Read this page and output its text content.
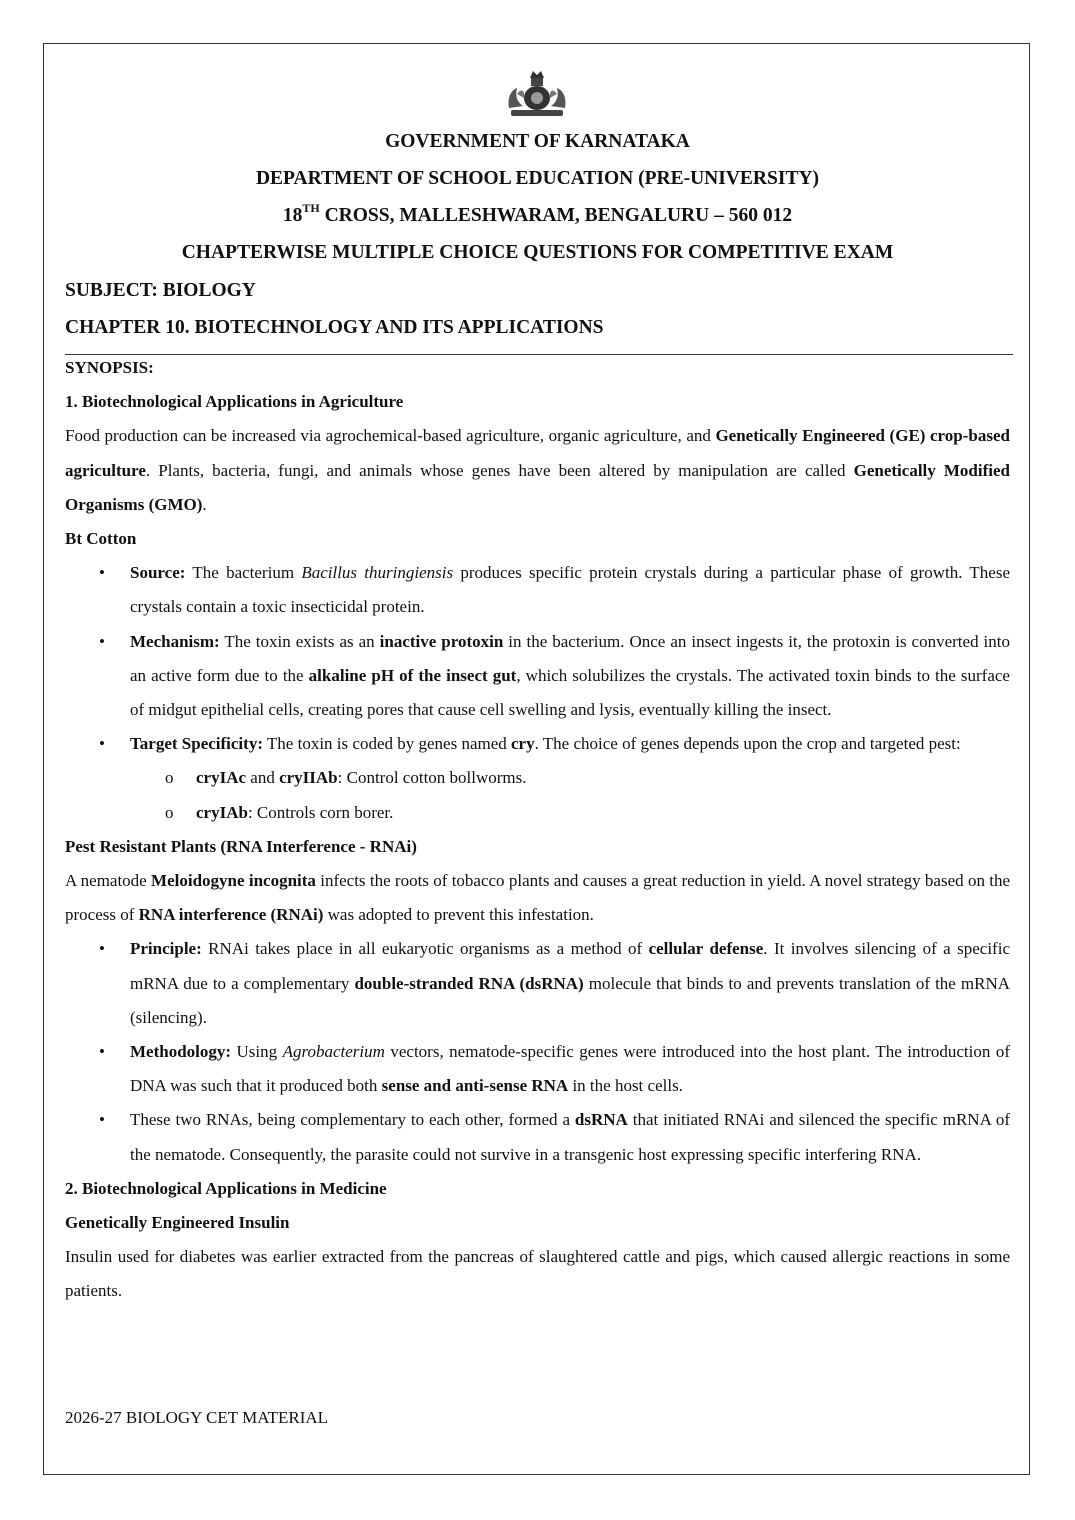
GOVERNMENT OF KARNATAKA
DEPARTMENT OF SCHOOL EDUCATION (PRE-UNIVERSITY)
18TH CROSS, MALLESHWARAM, BENGALURU – 560 012
CHAPTERWISE MULTIPLE CHOICE QUESTIONS FOR COMPETITIVE EXAM
SUBJECT: BIOLOGY
CHAPTER 10. BIOTECHNOLOGY AND ITS APPLICATIONS

SYNOPSIS:

1. Biotechnological Applications in Agriculture

Food production can be increased via agrochemical-based agriculture, organic agriculture, and Genetically Engineered (GE) crop-based agriculture. Plants, bacteria, fungi, and animals whose genes have been altered by manipulation are called Genetically Modified Organisms (GMO).

Bt Cotton

• Source: The bacterium Bacillus thuringiensis produces specific protein crystals during a particular phase of growth. These crystals contain a toxic insecticidal protein.
• Mechanism: The toxin exists as an inactive protoxin in the bacterium. Once an insect ingests it, the protoxin is converted into an active form due to the alkaline pH of the insect gut, which solubilizes the crystals. The activated toxin binds to the surface of midgut epithelial cells, creating pores that cause cell swelling and lysis, eventually killing the insect.
• Target Specificity: The toxin is coded by genes named cry. The choice of genes depends upon the crop and targeted pest:
o cryIAc and cryIIAb: Control cotton bollworms.
o cryIAb: Controls corn borer.

Pest Resistant Plants (RNA Interference - RNAi)

A nematode Meloidogyne incognita infects the roots of tobacco plants and causes a great reduction in yield. A novel strategy based on the process of RNA interference (RNAi) was adopted to prevent this infestation.

• Principle: RNAi takes place in all eukaryotic organisms as a method of cellular defense. It involves silencing of a specific mRNA due to a complementary double-stranded RNA (dsRNA) molecule that binds to and prevents translation of the mRNA (silencing).
• Methodology: Using Agrobacterium vectors, nematode-specific genes were introduced into the host plant. The introduction of DNA was such that it produced both sense and anti-sense RNA in the host cells.
• These two RNAs, being complementary to each other, formed a dsRNA that initiated RNAi and silenced the specific mRNA of the nematode. Consequently, the parasite could not survive in a transgenic host expressing specific interfering RNA.

2. Biotechnological Applications in Medicine

Genetically Engineered Insulin

Insulin used for diabetes was earlier extracted from the pancreas of slaughtered cattle and pigs, which caused allergic reactions in some patients.

2026-27 BIOLOGY CET MATERIAL
